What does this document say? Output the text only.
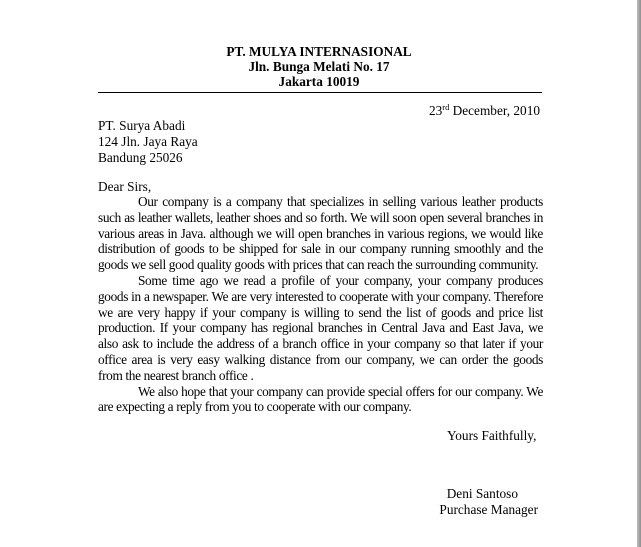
PT. MULYA INTERNASIONAL
Jln. Bunga Melati No. 17
Jakarta 10019
23rd December, 2010
PT. Surya Abadi
124 Jln. Jaya Raya
Bandung 25026
Dear Sirs,

Our company is a company that specializes in selling various leather products such as leather wallets, leather shoes and so forth. We will soon open several branches in various areas in Java. although we will open branches in various regions, we would like distribution of goods to be shipped for sale in our company running smoothly and the goods we sell good quality goods with prices that can reach the surrounding community.

Some time ago we read a profile of your company, your company produces goods in a newspaper. We are very interested to cooperate with your company. Therefore we are very happy if your company is willing to send the list of goods and price list production. If your company has regional branches in Central Java and East Java, we also ask to include the address of a branch office in your company so that later if your office area is very easy walking distance from our company, we can order the goods from the nearest branch office .

We also hope that your company can provide special offers for our company. We are expecting a reply from you to cooperate with our company.

Yours Faithfully,
Deni Santoso
Purchase Manager
